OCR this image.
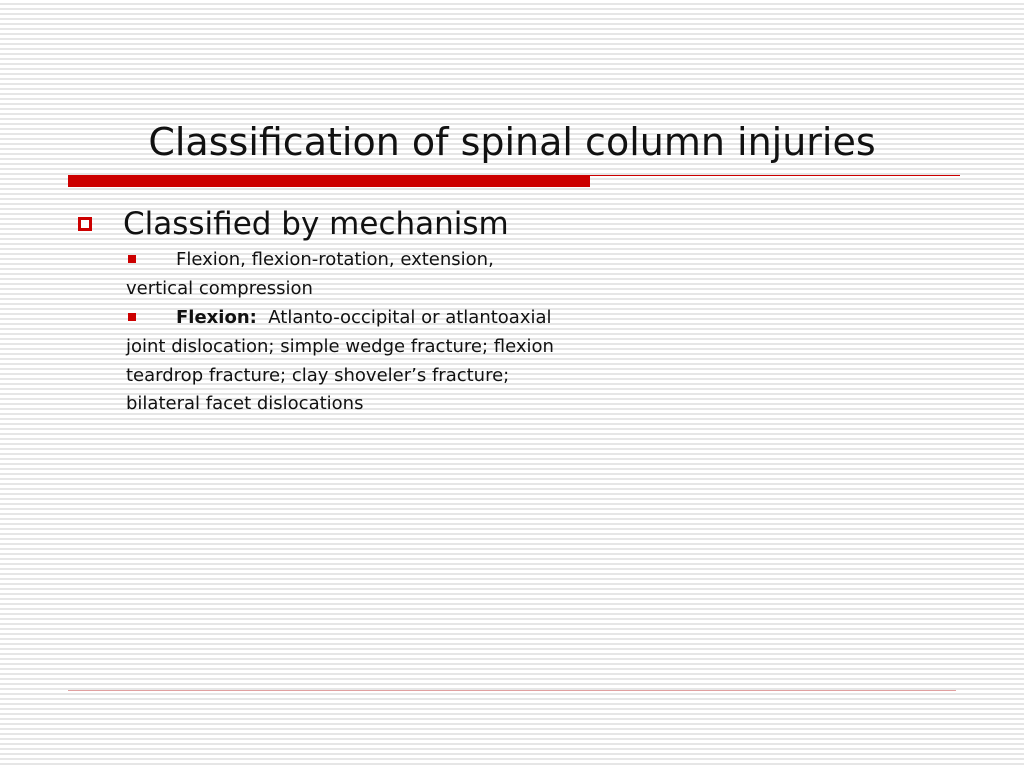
Classification of spinal column injuries
Classified by mechanism
Flexion, flexion-rotation, extension,
vertical compression
Flexion: Atlanto-occipital or atlantoaxial
joint dislocation; simple wedge fracture; flexion
teardrop fracture; clay shoveler’s fracture;
bilateral facet dislocations
